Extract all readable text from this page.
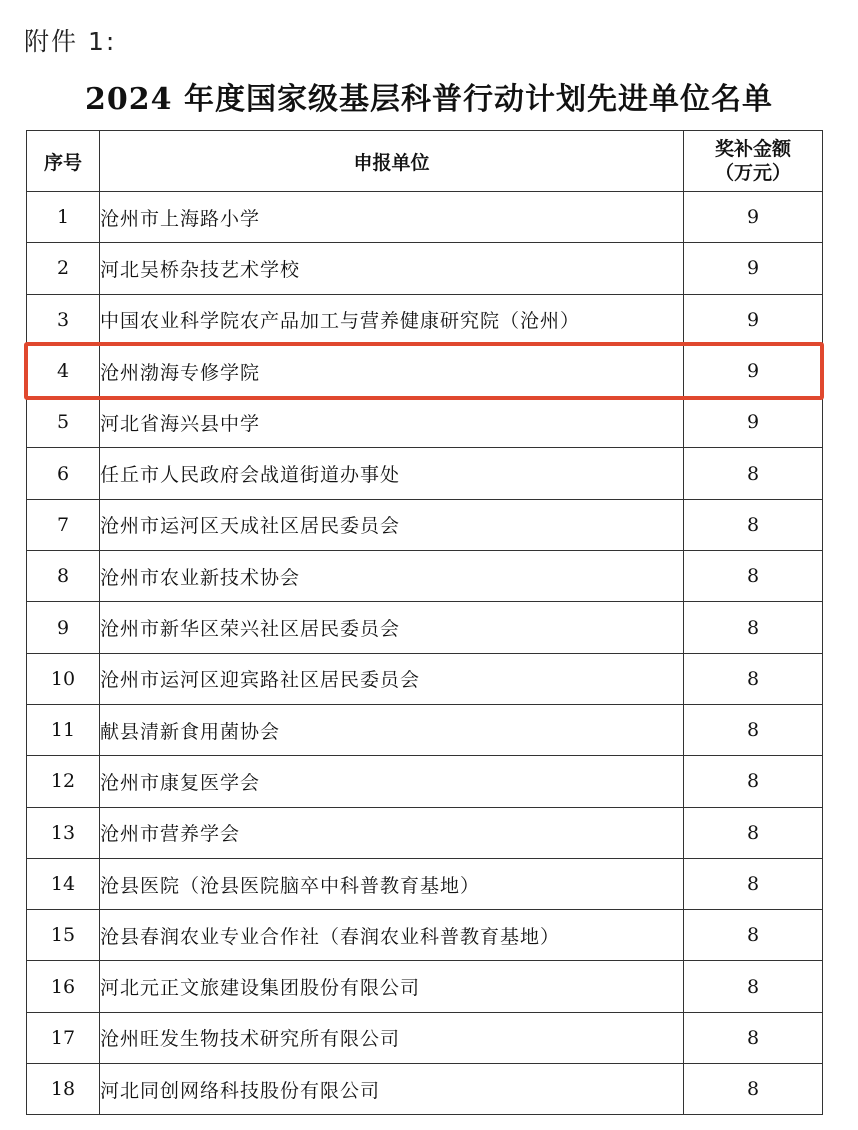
附件 1:
2024 年度国家级基层科普行动计划先进单位名单
序号	申报单位	奖补金额
（万元）

1	沧州市上海路小学	9
2	河北吴桥杂技艺术学校	9
3	中国农业科学院农产品加工与营养健康研究院（沧州）	9
4	沧州渤海专修学院	9
5	河北省海兴县中学	9
6	任丘市人民政府会战道街道办事处	8
7	沧州市运河区天成社区居民委员会	8
8	沧州市农业新技术协会	8
9	沧州市新华区荣兴社区居民委员会	8
10	沧州市运河区迎宾路社区居民委员会	8
11	献县清新食用菌协会	8
12	沧州市康复医学会	8
13	沧州市营养学会	8
14	沧县医院（沧县医院脑卒中科普教育基地）	8
15	沧县春润农业专业合作社（春润农业科普教育基地）	8
16	河北元正文旅建设集团股份有限公司	8
17	沧州旺发生物技术研究所有限公司	8
18	河北同创网络科技股份有限公司	8
